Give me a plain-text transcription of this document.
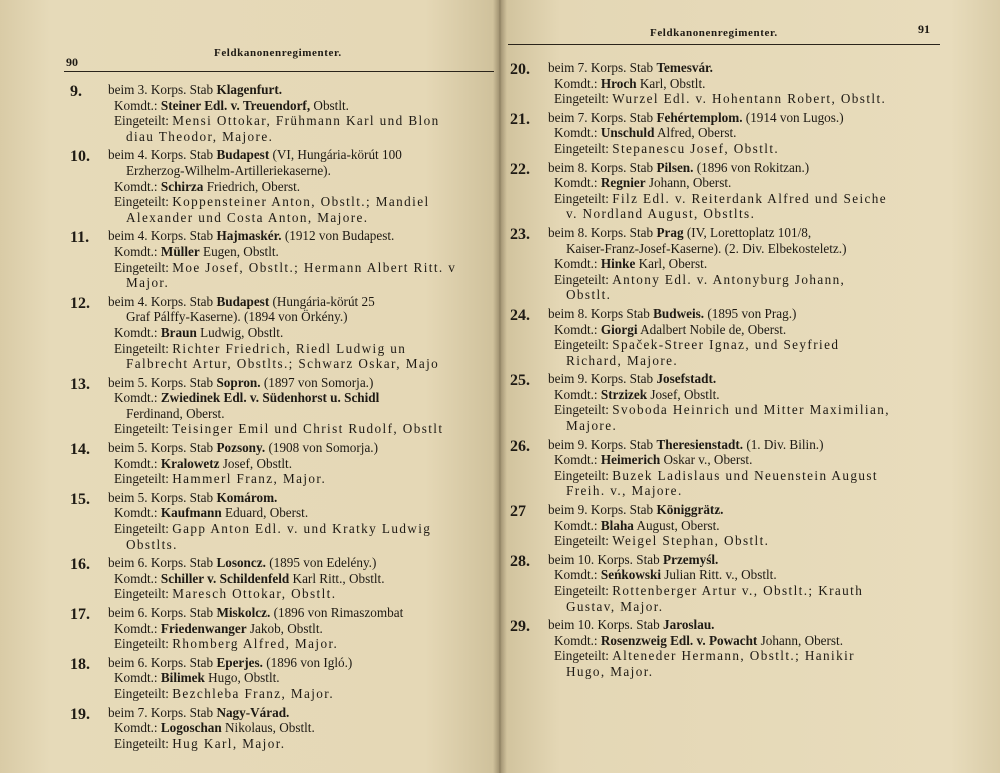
90
Feldkanonenregimenter.
9. beim 3. Korps. Stab Klagenfurt.
Komdt.: Steiner Edl. v. Treuendorf, Obstlt.
Eingeteilt: Mensi Ottokar, Frühmann Karl und Blon
diau Theodor, Majore.
10. beim 4. Korps. Stab Budapest (VI, Hungária-körút 100
Erzherzog-Wilhelm-Artilleriekaserne).
Komdt.: Schirza Friedrich, Oberst.
Eingeteilt: Koppensteiner Anton, Obstlt.; Mandiel
Alexander und Costa Anton, Majore.
11. beim 4. Korps. Stab Hajmaskér. (1912 von Budapest.
Komdt.: Müller Eugen, Obstlt.
Eingeteilt: Moe Josef, Obstlt.; Hermann Albert Ritt. v
Major.
12. beim 4. Korps. Stab Budapest (Hungária-körút 25
Graf Pálffy-Kaserne). (1894 von Örkény.)
Komdt.: Braun Ludwig, Obstlt.
Eingeteilt: Richter Friedrich, Riedl Ludwig un
Falbrecht Artur, Obstlts.; Schwarz Oskar, Majo
13. beim 5. Korps. Stab Sopron. (1897 von Somorja.)
Komdt.: Zwiedinek Edl. v. Südenhorst u. Schidl
Ferdinand, Oberst.
Eingeteilt: Teisinger Emil und Christ Rudolf, Obstlt
14. beim 5. Korps. Stab Pozsony. (1908 von Somorja.)
Komdt.: Kralowetz Josef, Obstlt.
Eingeteilt: Hammerl Franz, Major.
15. beim 5. Korps. Stab Komárom.
Komdt.: Kaufmann Eduard, Oberst.
Eingeteilt: Gapp Anton Edl. v. und Kratky Ludwig
Obstlts.
16. beim 6. Korps. Stab Losoncz. (1895 von Edelény.)
Komdt.: Schiller v. Schildenfeld Karl Ritt., Obstlt.
Eingeteilt: Maresch Ottokar, Obstlt.
17. beim 6. Korps. Stab Miskolcz. (1896 von Rimaszombat
Komdt.: Friedenwanger Jakob, Obstlt.
Eingeteilt: Rhomberg Alfred, Major.
18. beim 6. Korps. Stab Eperjes. (1896 von Igló.)
Komdt.: Bilimek Hugo, Obstlt.
Eingeteilt: Bezchleba Franz, Major.
19. beim 7. Korps. Stab Nagy-Várad.
Komdt.: Logoschan Nikolaus, Obstlt.
Eingeteilt: Hug Karl, Major.
Feldkanonenregimenter.	91
20. beim 7. Korps. Stab Temesvár.
Komdt.: Hroch Karl, Obstlt.
Eingeteilt: Wurzel Edl. v. Hohentann Robert, Obstlt.
21. beim 7. Korps. Stab Fehértemplom. (1914 von Lugos.)
Komdt.: Unschuld Alfred, Oberst.
Eingeteilt: Stepanescu Josef, Obstlt.
22. beim 8. Korps. Stab Pilsen. (1896 von Rokitzan.)
Komdt.: Regnier Johann, Oberst.
Eingeteilt: Filz Edl. v. Reiterdank Alfred und Seiche
v. Nordland August, Obstlts.
23. beim 8. Korps. Stab Prag (IV, Lorettoplatz 101/8,
Kaiser-Franz-Josef-Kaserne). (2. Div. Elbekosteletz.)
Komdt.: Hinke Karl, Oberst.
Eingeteilt: Antony Edl. v. Antonyburg Johann,
Obstlt.
24. beim 8. Korps Stab Budweis. (1895 von Prag.)
Komdt.: Giorgi Adalbert Nobile de, Oberst.
Eingeteilt: Spaček-Streer Ignaz, und Seyfried
Richard, Majore.
25. beim 9. Korps. Stab Josefstadt.
Komdt.: Strzizek Josef, Obstlt.
Eingeteilt: Svoboda Heinrich und Mitter Maximilian,
Majore.
26. beim 9. Korps. Stab Theresienstadt. (1. Div. Bilin.)
Komdt.: Heimerich Oskar v., Oberst.
Eingeteilt: Buzek Ladislaus und Neuenstein August
Freih. v., Majore.
27 beim 9. Korps. Stab Königgrätz.
Komdt.: Blaha August, Oberst.
Eingeteilt: Weigel Stephan, Obstlt.
28. beim 10. Korps. Stab Przemyśl.
Komdt.: Seńkowski Julian Ritt. v., Obstlt.
Eingeteilt: Rottenberger Artur v., Obstlt.; Krauth
Gustav, Major.
29. beim 10. Korps. Stab Jaroslau.
Komdt.: Rosenzweig Edl. v. Powacht Johann, Oberst.
Eingeteilt: Alteneder Hermann, Obstlt.; Hanikir
Hugo, Major.
